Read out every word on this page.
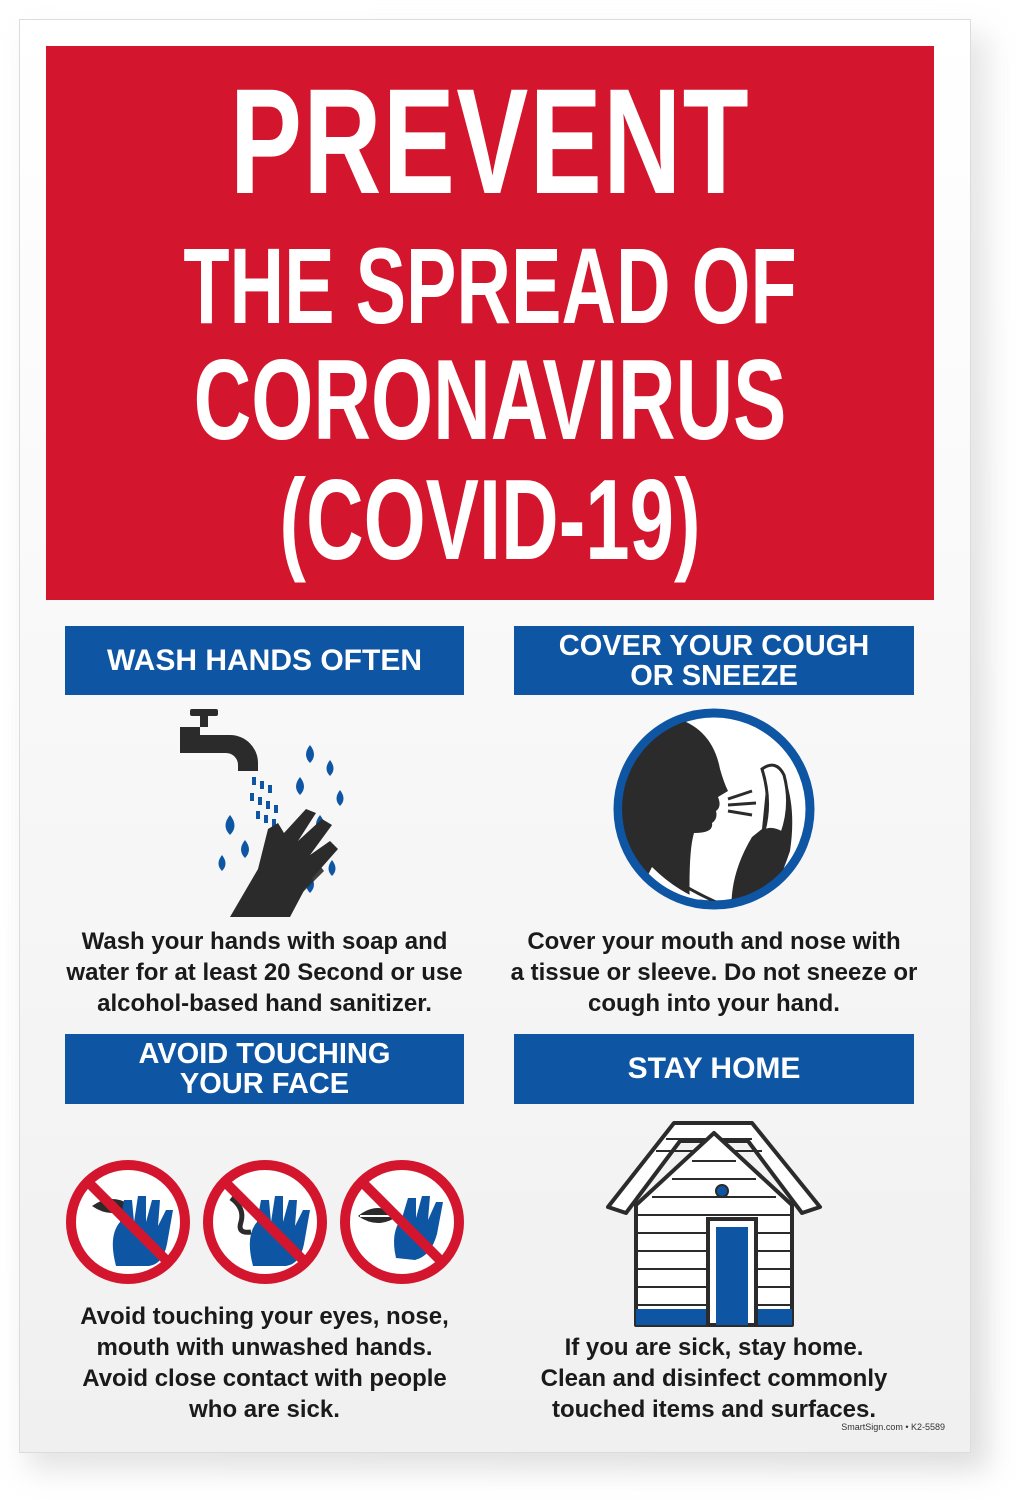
PREVENT
THE SPREAD OF
CORONAVIRUS
(COVID-19)
WASH HANDS OFTEN
Wash your hands with soap and
water for at least 20 Second or use
alcohol-based hand sanitizer.
COVER YOUR COUGH
OR SNEEZE
Cover your mouth and nose with
a tissue or sleeve. Do not sneeze or
cough into your hand.
AVOID TOUCHING
YOUR FACE
Avoid touching your eyes, nose,
mouth with unwashed hands.
Avoid close contact with people
who are sick.
STAY HOME
If you are sick, stay home.
Clean and disinfect commonly
touched items and surfaces.
SmartSign.com • K2-5589
